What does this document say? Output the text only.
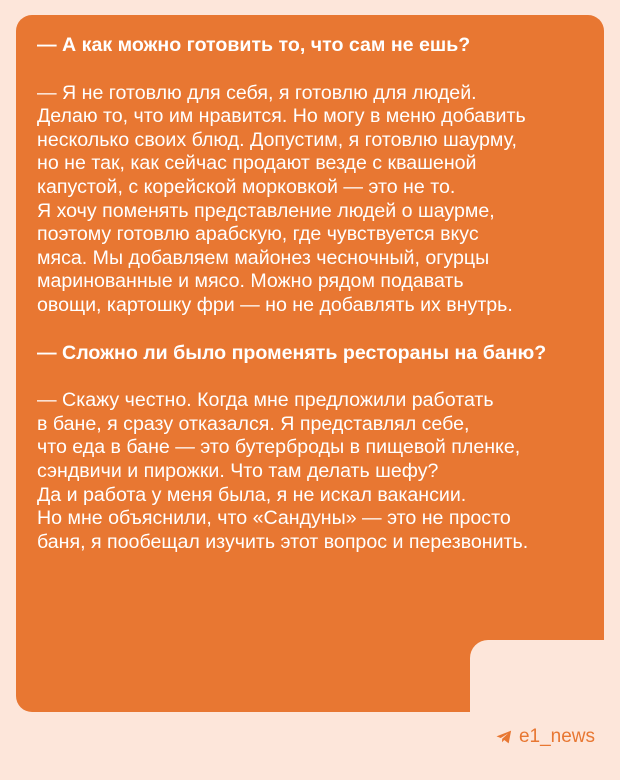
— А как можно готовить то, что сам не ешь?

— Я не готовлю для себя, я готовлю для людей.
Делаю то, что им нравится. Но могу в меню добавить
несколько своих блюд. Допустим, я готовлю шаурму,
но не так, как сейчас продают везде с квашеной
капустой, с корейской морковкой — это не то.
Я хочу поменять представление людей о шаурме,
поэтому готовлю арабскую, где чувствуется вкус
мяса. Мы добавляем майонез чесночный, огурцы
маринованные и мясо. Можно рядом подавать
овощи, картошку фри — но не добавлять их внутрь.

— Сложно ли было променять рестораны на баню?

— Скажу честно. Когда мне предложили работать
в бане, я сразу отказался. Я представлял себе,
что еда в бане — это бутерброды в пищевой пленке,
сэндвичи и пирожки. Что там делать шефу?
Да и работа у меня была, я не искал вакансии.
Но мне объяснили, что «Сандуны» — это не просто
баня, я пообещал изучить этот вопрос и перезвонить.

e1_news
